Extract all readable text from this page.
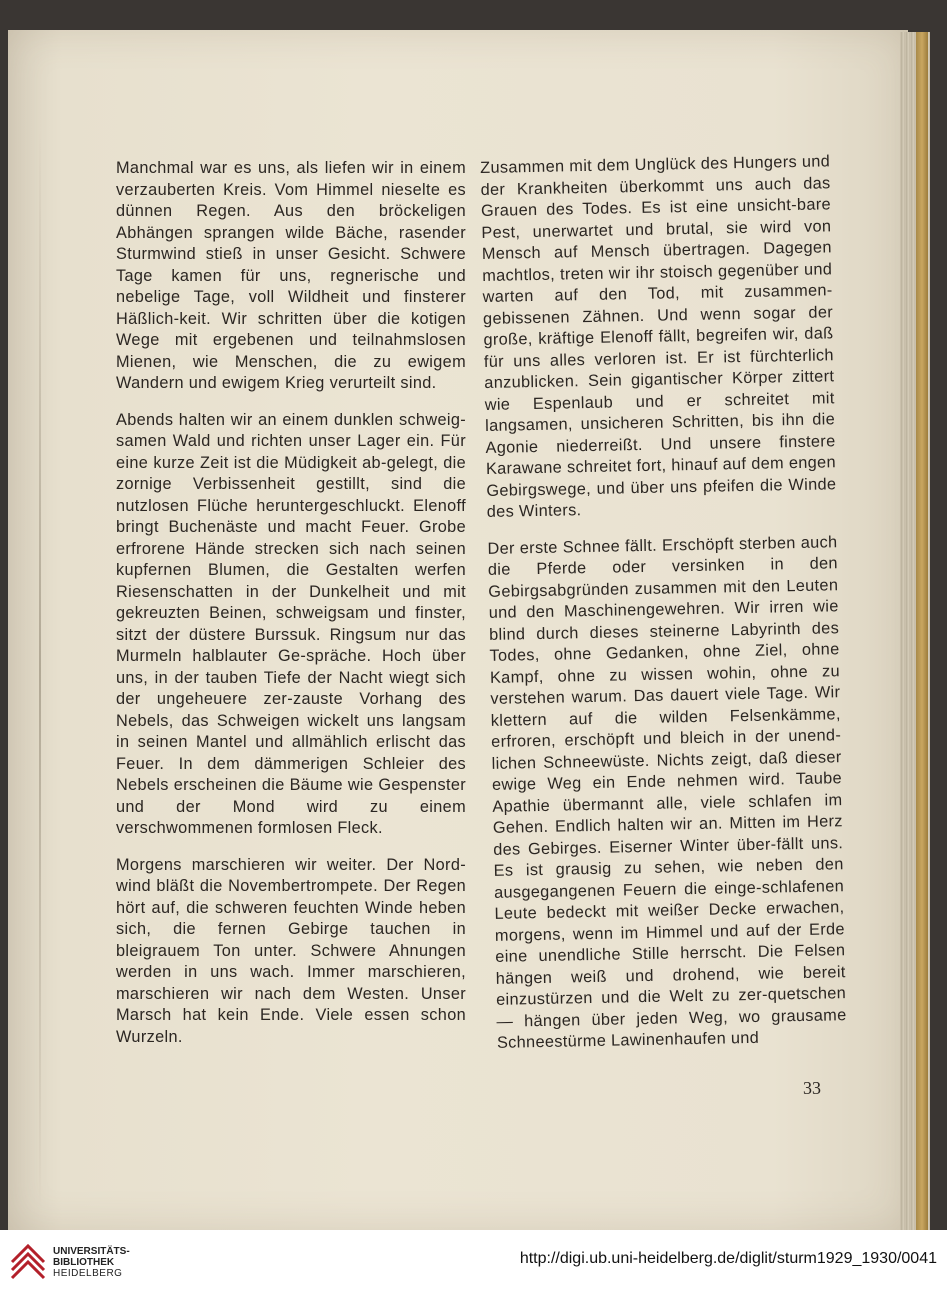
Manchmal war es uns, als liefen wir in einem verzauberten Kreis. Vom Himmel nieselte es dünnen Regen. Aus den bröckeligen Abhängen sprangen wilde Bäche, rasender Sturmwind stieß in unser Gesicht. Schwere Tage kamen für uns, regnerische und nebelige Tage, voll Wildheit und finsterer Häßlich-keit. Wir schritten über die kotigen Wege mit ergebenen und teilnahmslosen Mienen, wie Menschen, die zu ewigem Wandern und ewigem Krieg verurteilt sind.

Abends halten wir an einem dunklen schweig-samen Wald und richten unser Lager ein. Für eine kurze Zeit ist die Müdigkeit ab-gelegt, die zornige Verbissenheit gestillt, sind die nutzlosen Flüche heruntergeschluckt. Elenoff bringt Buchenäste und macht Feuer. Grobe erfrorene Hände strecken sich nach seinen kupfernen Blumen, die Gestalten werfen Riesenschatten in der Dunkelheit und mit gekreuzten Beinen, schweigsam und finster, sitzt der düstere Burssuk. Ringsum nur das Murmeln halblauter Ge-spräche. Hoch über uns, in der tauben Tiefe der Nacht wiegt sich der ungeheuere zer-zauste Vorhang des Nebels, das Schweigen wickelt uns langsam in seinen Mantel und allmählich erlischt das Feuer. In dem dämmerigen Schleier des Nebels erscheinen die Bäume wie Gespenster und der Mond wird zu einem verschwommenen formlosen Fleck.

Morgens marschieren wir weiter. Der Nord-wind bläßt die Novembertrompete. Der Regen hört auf, die schweren feuchten Winde heben sich, die fernen Gebirge tauchen in bleigrauem Ton unter. Schwere Ahnungen werden in uns wach. Immer marschieren, marschieren wir nach dem Westen. Unser Marsch hat kein Ende. Viele essen schon Wurzeln.

Zusammen mit dem Unglück des Hungers und der Krankheiten überkommt uns auch das Grauen des Todes. Es ist eine unsicht-bare Pest, unerwartet und brutal, sie wird von Mensch auf Mensch übertragen. Dagegen machtlos, treten wir ihr stoisch gegenüber und warten auf den Tod, mit zusammen-gebissenen Zähnen. Und wenn sogar der große, kräftige Elenoff fällt, begreifen wir, daß für uns alles verloren ist. Er ist fürchterlich anzublicken. Sein gigantischer Körper zittert wie Espenlaub und er schreitet mit langsamen, unsicheren Schritten, bis ihn die Agonie niederreißt. Und unsere finstere Karawane schreitet fort, hinauf auf dem engen Gebirgswege, und über uns pfeifen die Winde des Winters.

Der erste Schnee fällt. Erschöpft sterben auch die Pferde oder versinken in den Gebirgsabgründen zusammen mit den Leuten und den Maschinengewehren. Wir irren wie blind durch dieses steinerne Labyrinth des Todes, ohne Gedanken, ohne Ziel, ohne Kampf, ohne zu wissen wohin, ohne zu verstehen warum. Das dauert viele Tage. Wir klettern auf die wilden Felsenkämme, erfroren, erschöpft und bleich in der unend-lichen Schneewüste. Nichts zeigt, daß dieser ewige Weg ein Ende nehmen wird. Taube Apathie übermannt alle, viele schlafen im Gehen. Endlich halten wir an. Mitten im Herz des Gebirges. Eiserner Winter über-fällt uns. Es ist grausig zu sehen, wie neben den ausgegangenen Feuern die einge-schlafenen Leute bedeckt mit weißer Decke erwachen, morgens, wenn im Himmel und auf der Erde eine unendliche Stille herrscht. Die Felsen hängen weiß und drohend, wie bereit einzustürzen und die Welt zu zer-quetschen — hängen über jeden Weg, wo grausame Schneestürme Lawinenhaufen und

33
UNIVERSITÄTS-
BIBLIOTHEK
HEIDELBERG
http://digi.ub.uni-heidelberg.de/diglit/sturm1929_1930/0041
